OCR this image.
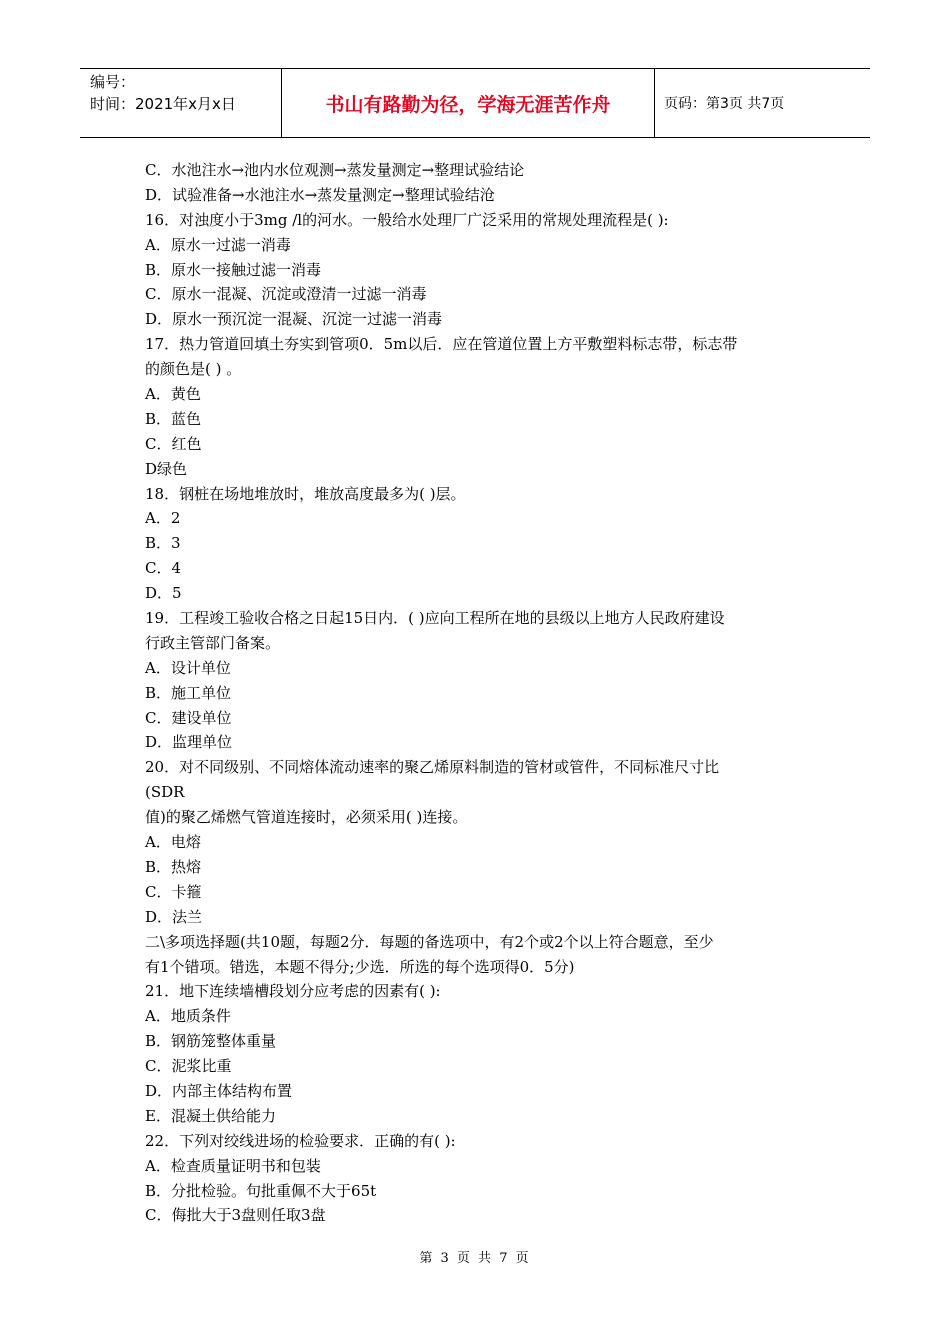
编号：
时间：2021年x月x日	书山有路勤为径，学海无涯苦作舟	页码：第3页 共7页
C．水池注水→池内水位观测→蒸发量测定→整理试验结论
D．试验准备→水池注水→蒸发量测定→整理试验结沧
16．对浊度小于3mg /l的河水。一般给水处理厂广泛采用的常规处理流程是( ):
A．原水一过滤一消毒
B．原水一接触过滤一消毒
C．原水一混凝、沉淀或澄清一过滤一消毒
D．原水一预沉淀一混凝、沉淀一过滤一消毒
17．热力管道回填土夯实到管项0．5m以后．应在管道位置上方平敷塑料标志带，标志带
的颜色是( ) 。
A．黄色
B．蓝色
C．红色
D绿色
18．钢桩在场地堆放时，堆放高度最多为( )层。
A．2
B．3
C．4
D．5
19．工程竣工验收合格之日起15日内．( )应向工程所在地的县级以上地方人民政府建设
行政主管部门备案。
A．设计单位
B．施工单位
C．建设单位
D．监理单位
20．对不同级别、不同熔体流动速率的聚乙烯原料制造的管材或管件，不同标准尺寸比
(SDR
值)的聚乙烯燃气管道连接时，必须采用( )连接。
A．电熔
B．热熔
C．卡箍
D．法兰
二\多项选择题(共10题，每题2分．每题的备选项中，有2个或2个以上符合题意，至少
有1个错项。错选，本题不得分;少选．所选的每个选项得0．5分)
21．地下连续墙槽段划分应考虑的因素有( ):
A．地质条件
B．钢筋笼整体重量
C．泥浆比重
D．内部主体结构布置
E．混凝土供给能力
22．下列对绞线进场的检验要求．正确的有( ):
A．检查质量证明书和包装
B．分批检验。句批重佩不大于65t
C．侮批大于3盘则任取3盘
第 3 页 共 7 页
